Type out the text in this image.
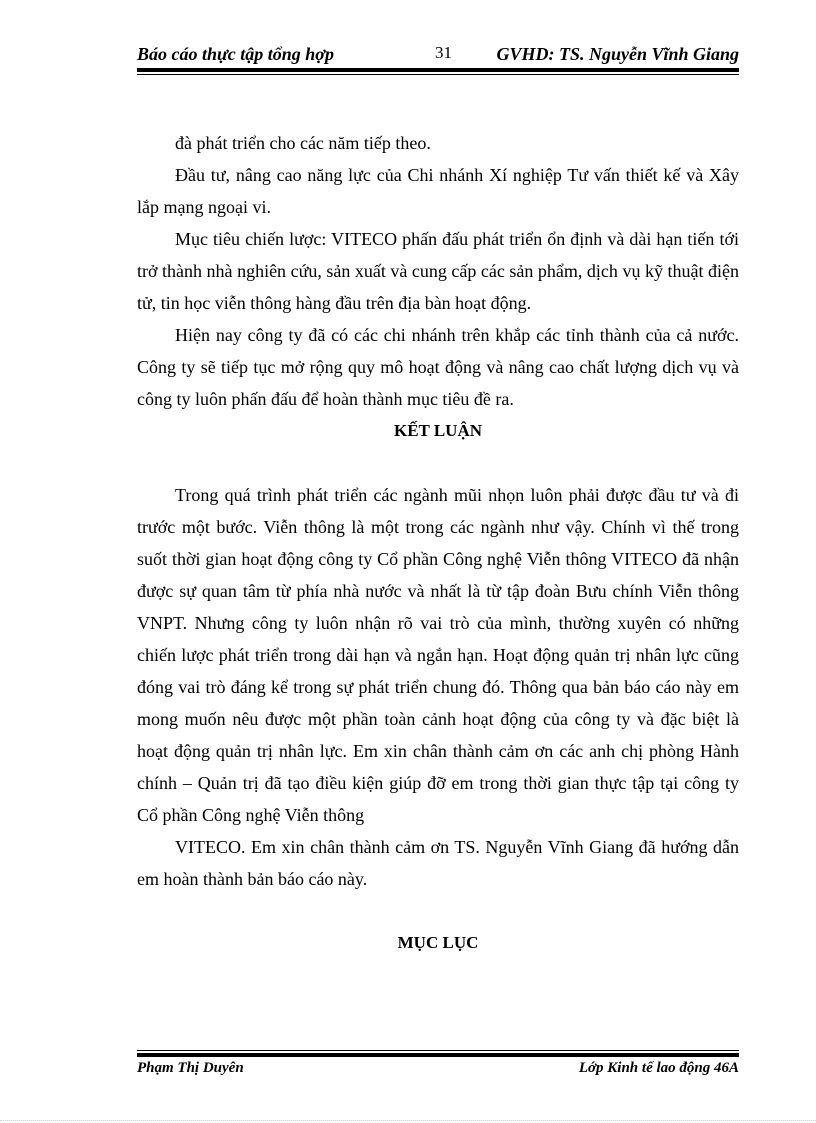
Báo cáo thực tập tổng hợp	31 GVHD: TS. Nguyễn Vĩnh Giang

đà phát triển cho các năm tiếp theo.

Đầu tư, nâng cao năng lực của Chi nhánh Xí nghiệp Tư vấn thiết kế và Xây lắp mạng ngoại vi.

Mục tiêu chiến lược: VITECO phấn đấu phát triển ổn định và dài hạn tiến tới trở thành nhà nghiên cứu, sản xuất và cung cấp các sản phẩm, dịch vụ kỹ thuật điện tử, tin học viễn thông hàng đầu trên địa bàn hoạt động.

Hiện nay công ty đã có các chi nhánh trên khắp các tỉnh thành của cả nước. Công ty sẽ tiếp tục mở rộng quy mô hoạt động và nâng cao chất lượng dịch vụ và công ty luôn phấn đấu để hoàn thành mục tiêu đề ra.

KẾT LUẬN

Trong quá trình phát triển các ngành mũi nhọn luôn phải được đầu tư và đi trước một bước. Viễn thông là một trong các ngành như vậy. Chính vì thế trong suốt thời gian hoạt động công ty Cổ phần Công nghệ Viễn thông VITECO đã nhận được sự quan tâm từ phía nhà nước và nhất là từ tập đoàn Bưu chính Viễn thông VNPT. Nhưng công ty luôn nhận rõ vai trò của mình, thường xuyên có những chiến lược phát triển trong dài hạn và ngắn hạn. Hoạt động quản trị nhân lực cũng đóng vai trò đáng kể trong sự phát triển chung đó. Thông qua bản báo cáo này em mong muốn nêu được một phần toàn cảnh hoạt động của công ty và đặc biệt là hoạt động quản trị nhân lực. Em xin chân thành cảm ơn các anh chị phòng Hành chính – Quản trị đã tạo điều kiện giúp đỡ em trong thời gian thực tập tại công ty Cổ phần Công nghệ Viễn thông

VITECO. Em xin chân thành cảm ơn TS. Nguyễn Vĩnh Giang đã hướng dẫn em hoàn thành bản báo cáo này.

MỤC LỤC
Phạm Thị Duyên	Lớp Kinh tế lao động 46A
